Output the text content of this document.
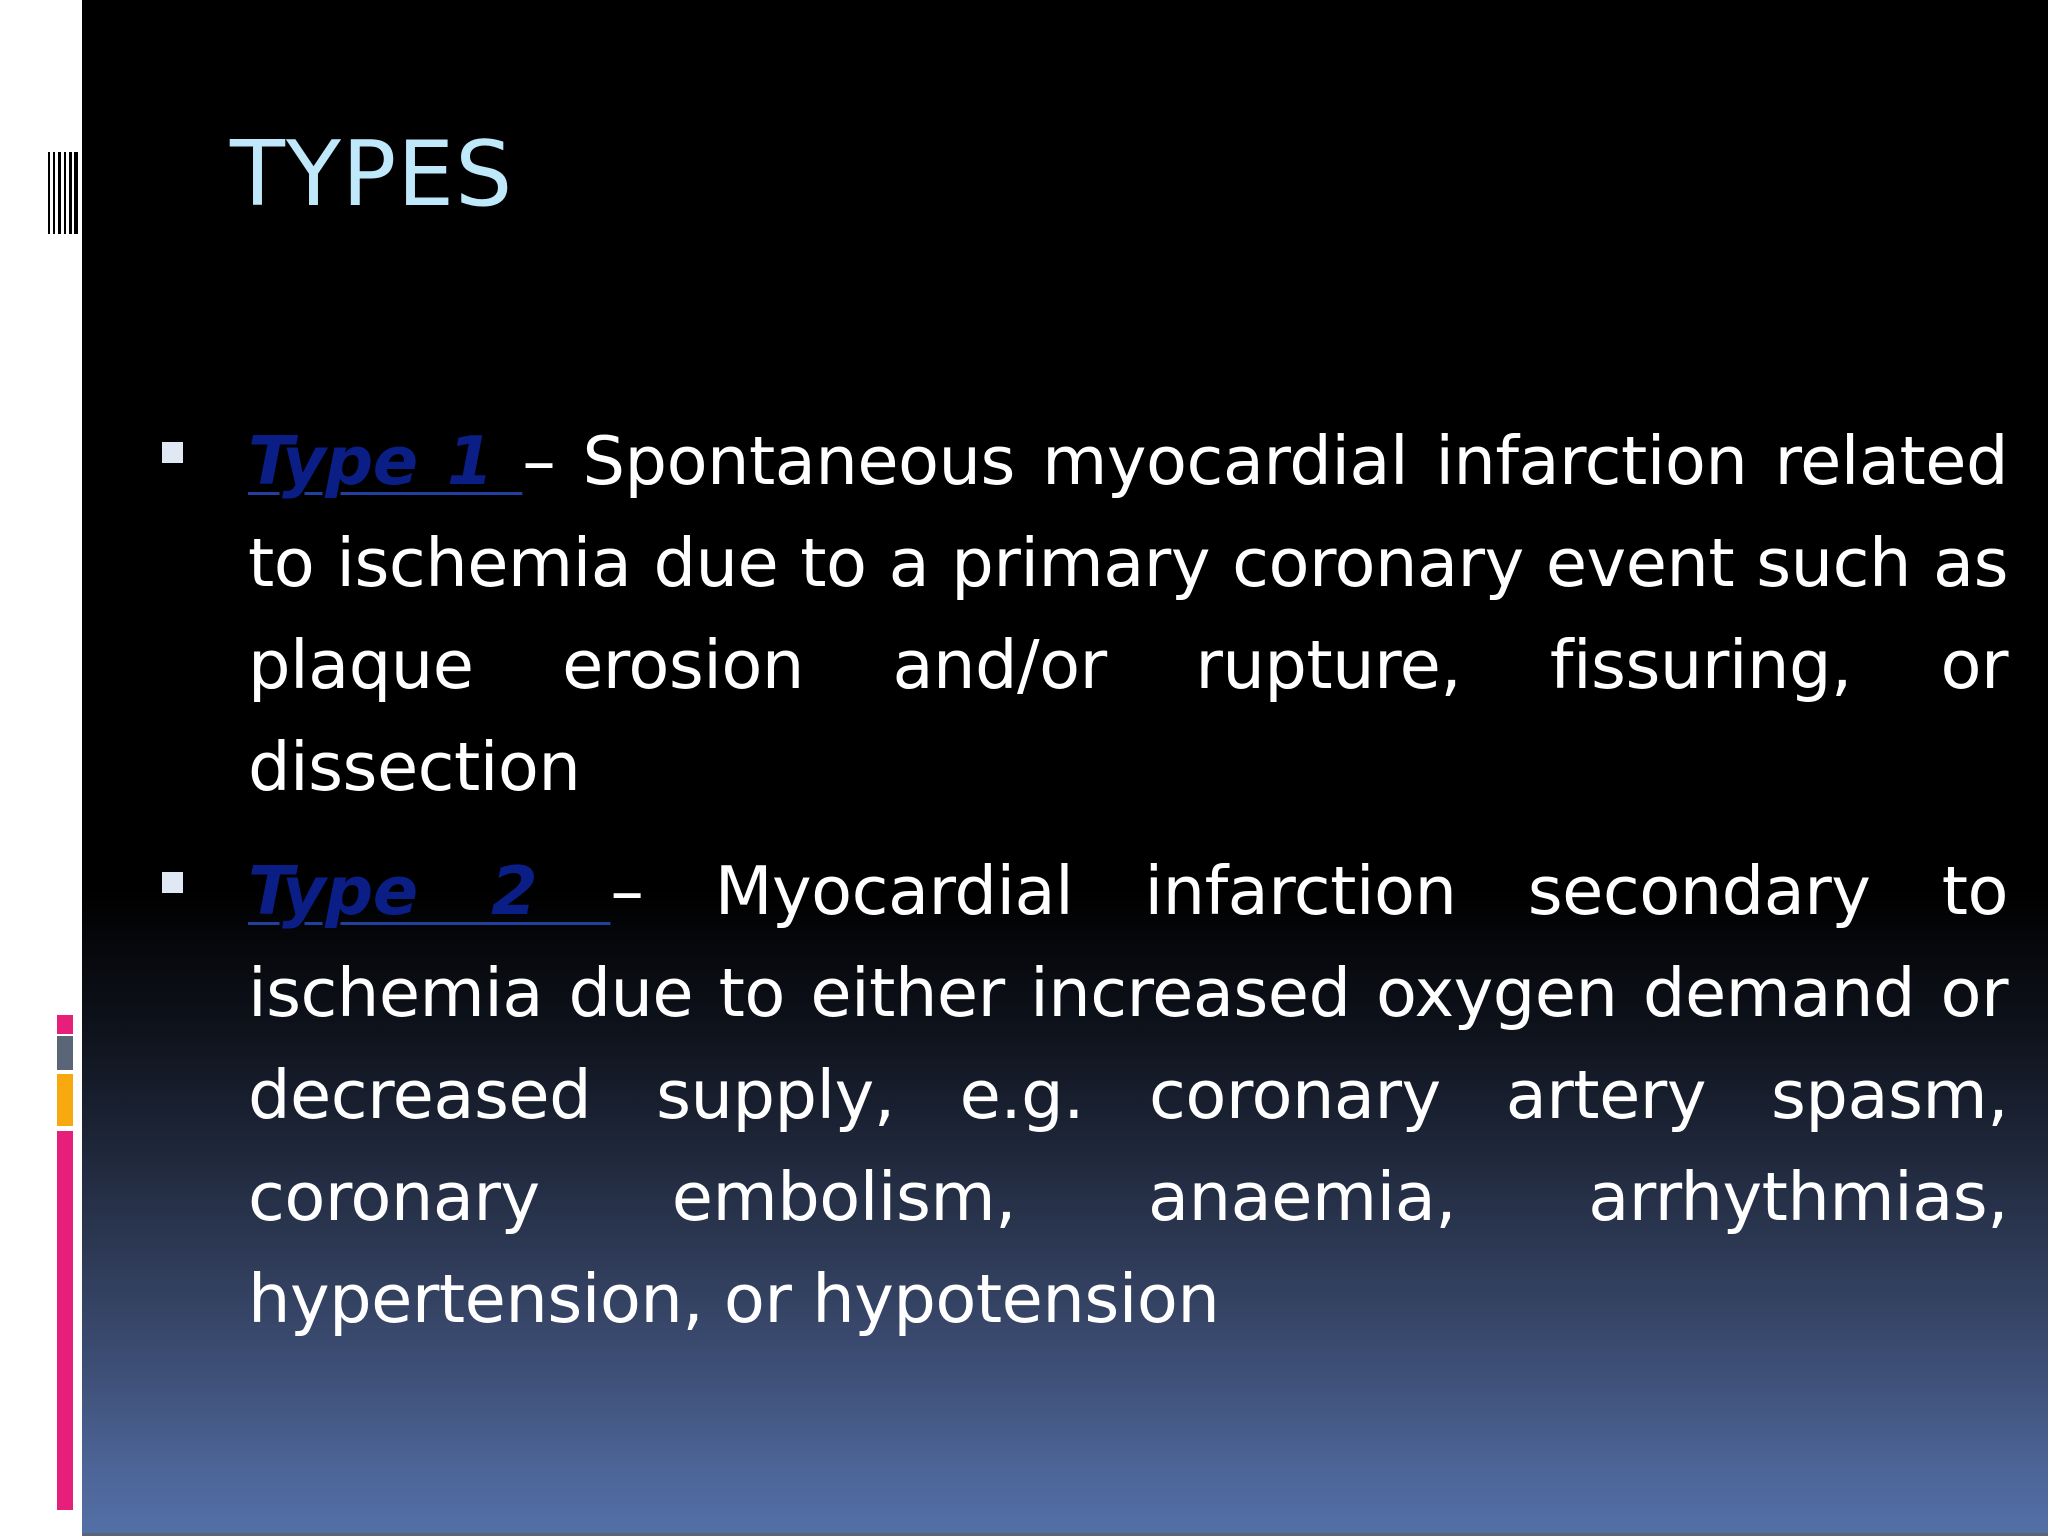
TYPES

Type 1 – Spontaneous myocardial infarction related to ischemia due to a primary coronary event such as plaque erosion and/or rupture, fissuring, or dissection

Type 2 – Myocardial infarction secondary to ischemia due to either increased oxygen demand or decreased supply, e.g. coronary artery spasm, coronary embolism, anaemia, arrhythmias, hypertension, or hypotension
